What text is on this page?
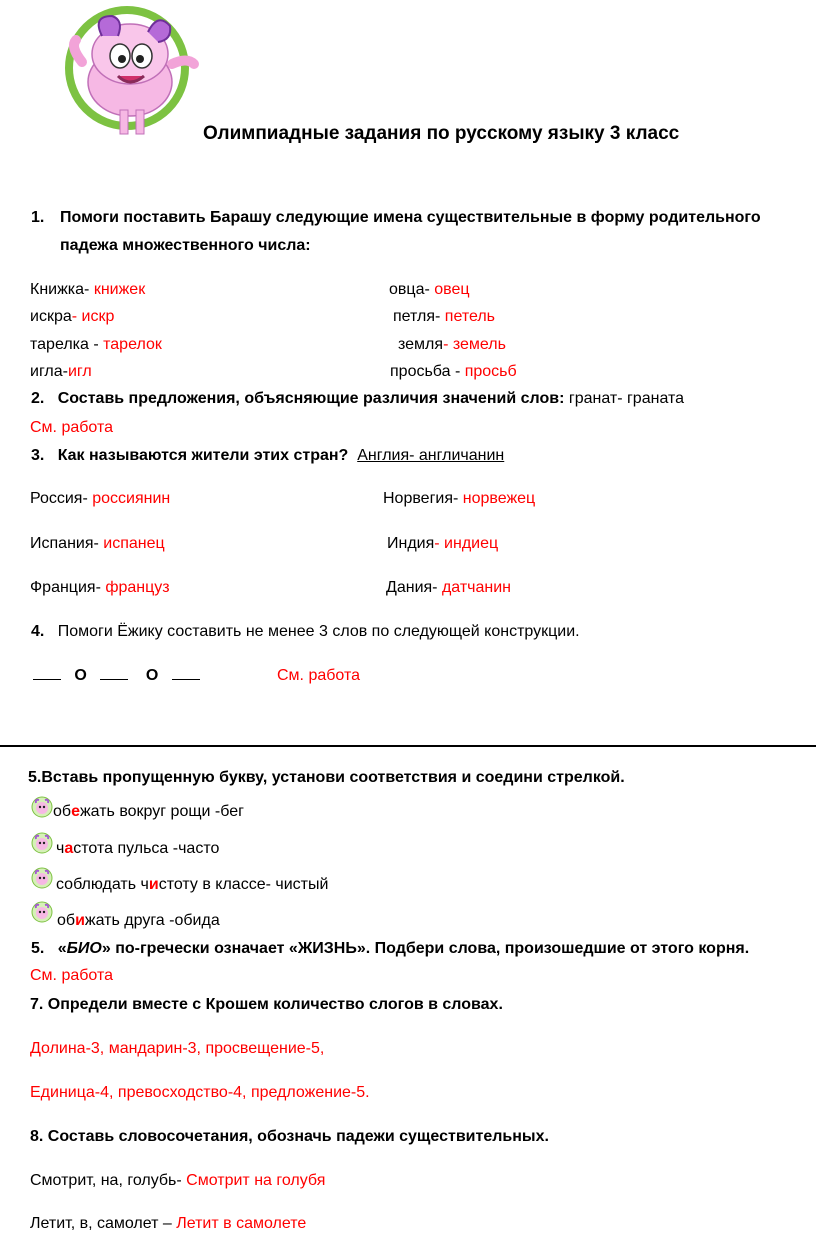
Олимпиадные задания по русскому языку 3 класс
1. Помоги поставить Барашу следующие имена существительные в форму родительного
падежа множественного числа:
Книжка- книжек
искра- искр
тарелка - тарелок
игла-игл
овца- овец
петля- петель
земля- земель
просьба - просьб
2. Составь предложения, объясняющие различия значений слов: гранат- граната
См. работа
3. Как называются жители этих стран? Англия- англичанин
Россия- россиянин
Испания- испанец
Франция- француз
Норвегия- норвежец
Индия- индиец
Дания- датчанин
4. Помоги Ёжику составить не менее 3 слов по следующей конструкции.
О	О	См. работа
5.Вставь пропущенную букву, установи соответствия и соедини стрелкой.
обежать вокруг рощи -бег
частота пульса -часто
соблюдать чистоту в классе- чистый
обижать друга -обида
5. «БИО» по-гречески означает «ЖИЗНЬ». Подбери слова, произошедшие от этого корня.
См. работа
7. Определи вместе с Крошем количество слогов в словах.
Долина-3, мандарин-3, просвещение-5,
Единица-4, превосходство-4, предложение-5.
8. Составь словосочетания, обозначь падежи существительных.
Смотрит, на, голубь- Смотрит на голубя
Летит, в, самолет – Летит в самолете
